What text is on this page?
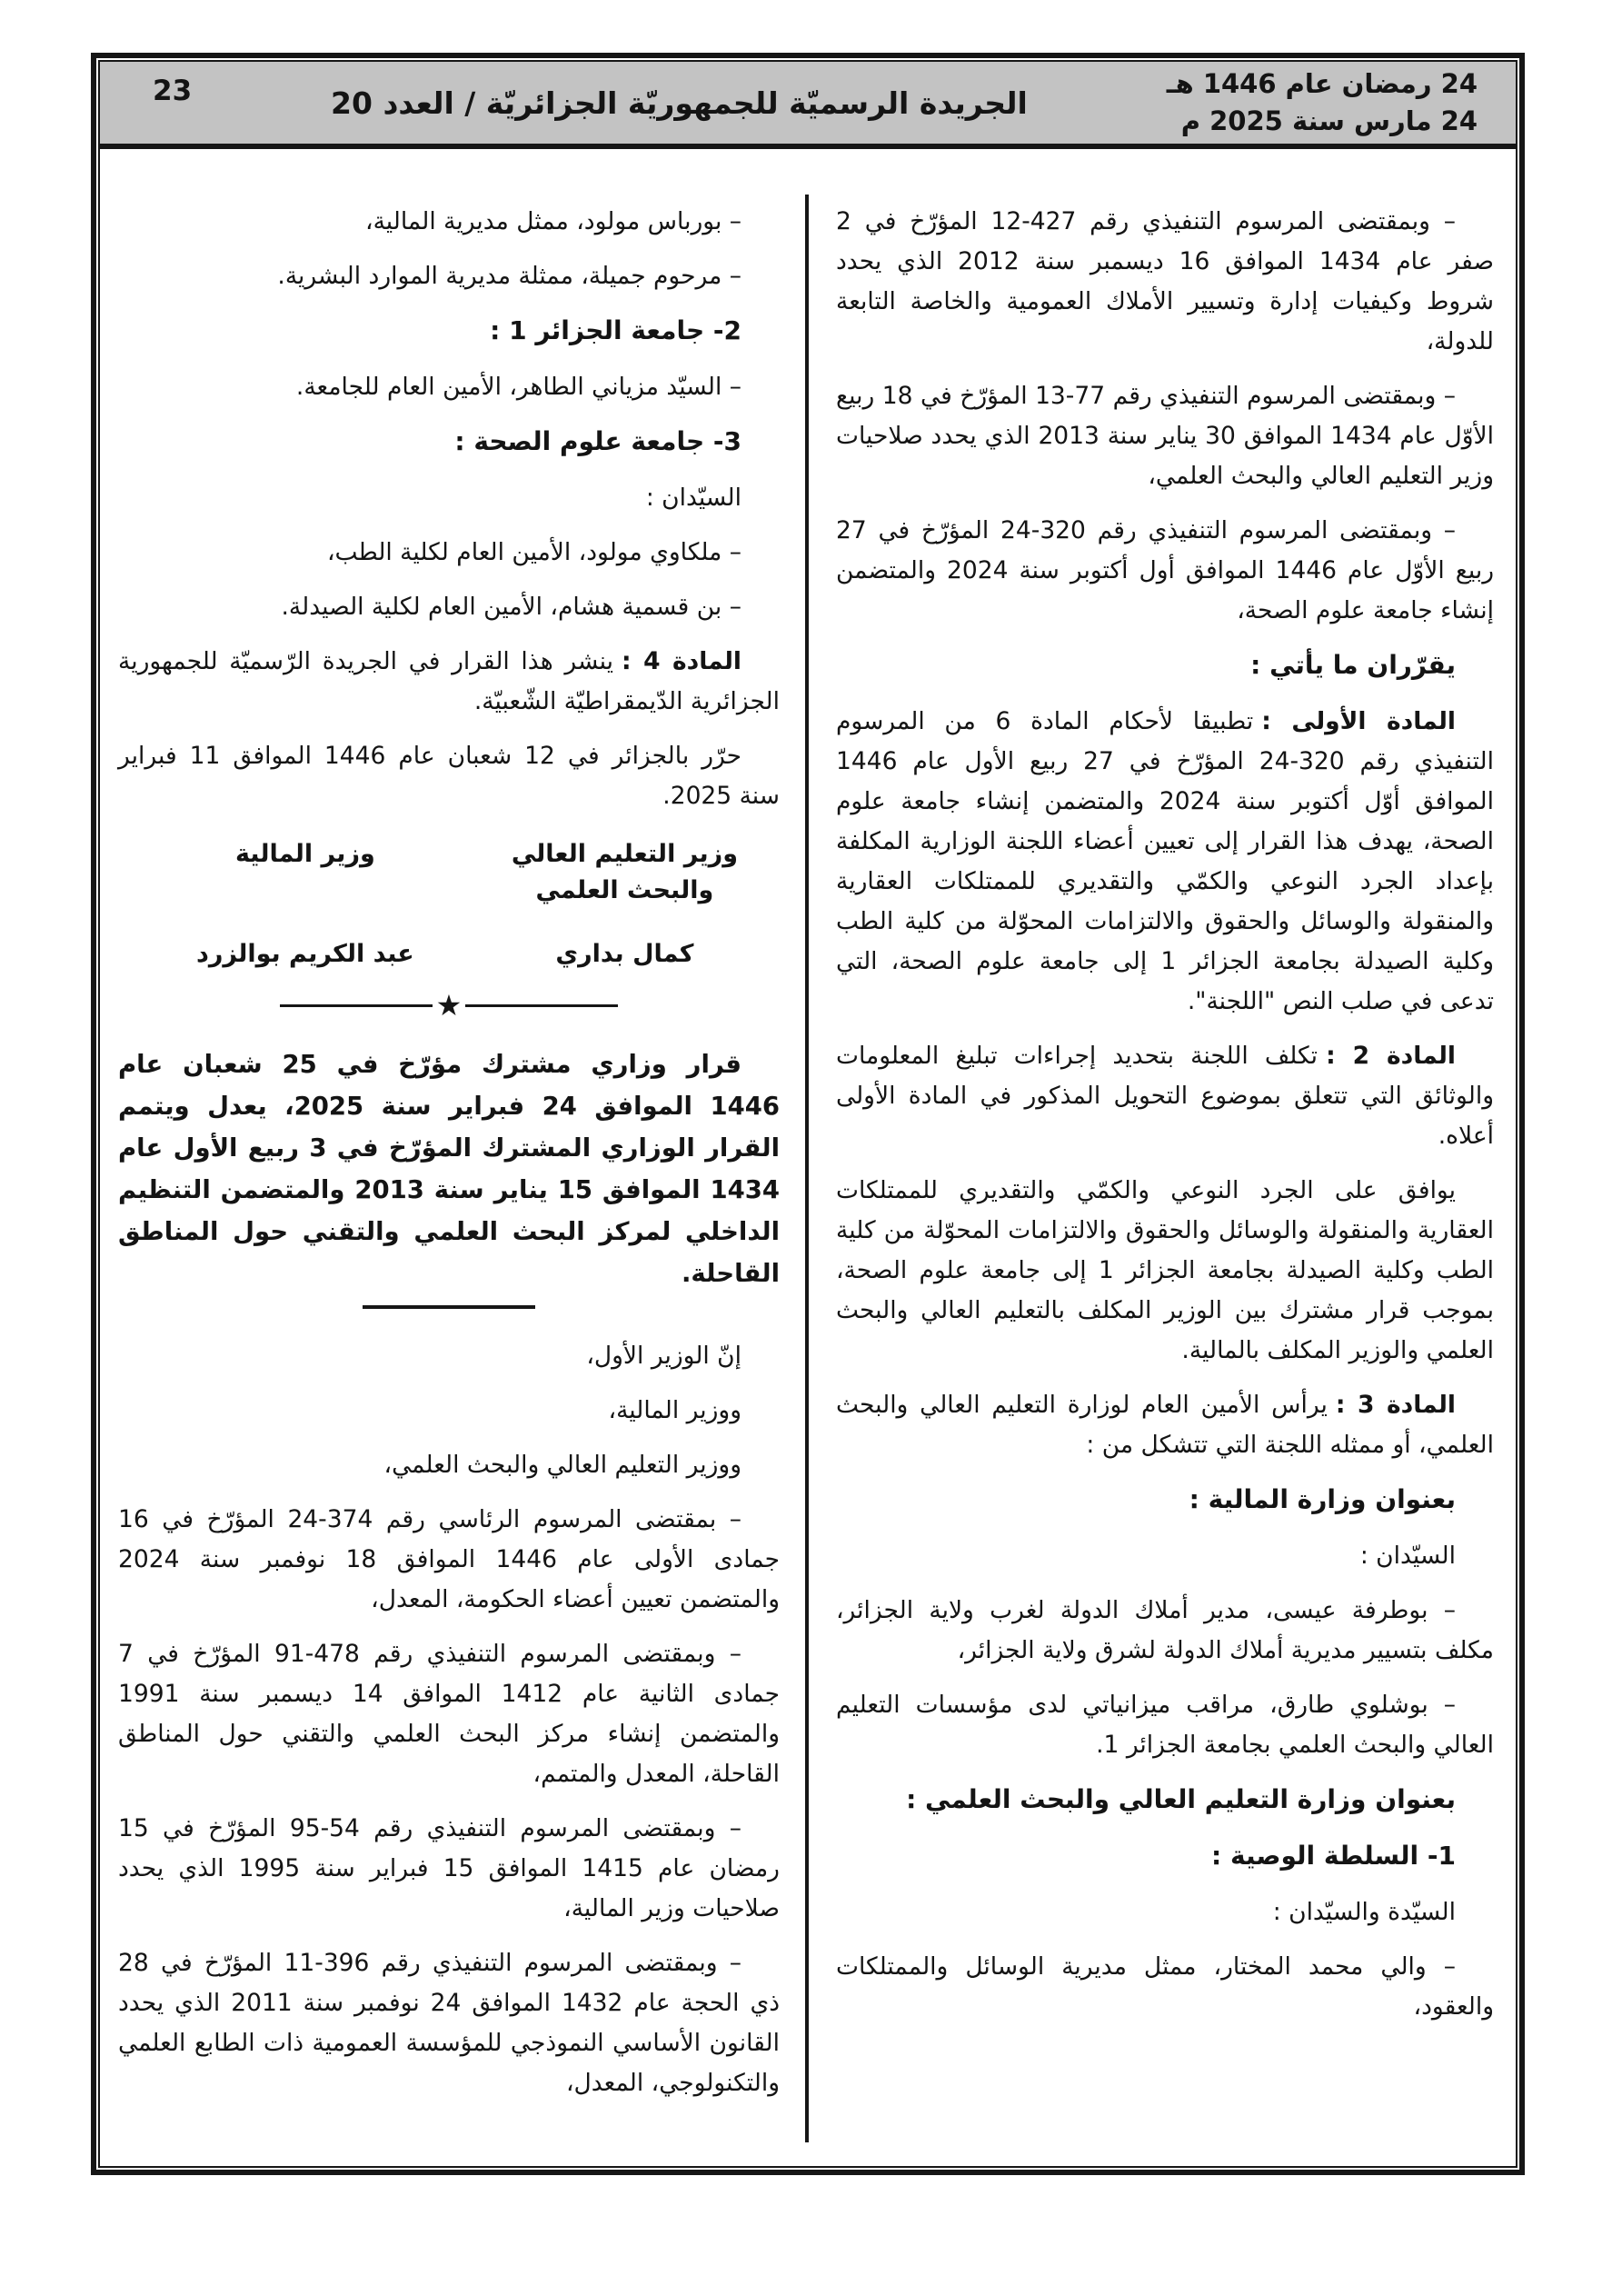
24 رمضان عام 1446 هـ
24 مارس سنة 2025 م
الجريدة الرسميّة للجمهوريّة الجزائريّة / العدد 20
23

– وبمقتضى المرسوم التنفيذي رقم 427-12 المؤرّخ في 2 صفر عام 1434 الموافق 16 ديسمبر سنة 2012 الذي يحدد شروط وكيفيات إدارة وتسيير الأملاك العمومية والخاصة التابعة للدولة،

– وبمقتضى المرسوم التنفيذي رقم 77-13 المؤرّخ في 18 ربيع الأوّل عام 1434 الموافق 30 يناير سنة 2013 الذي يحدد صلاحيات وزير التعليم العالي والبحث العلمي،

– وبمقتضى المرسوم التنفيذي رقم 320-24 المؤرّخ في 27 ربيع الأوّل عام 1446 الموافق أول أكتوبر سنة 2024 والمتضمن إنشاء جامعة علوم الصحة،

يقرّران ما يأتي :

المادة الأولى :تطبيقا لأحكام المادة 6 من المرسوم التنفيذي رقم 320-24 المؤرّخ في 27 ربيع الأول عام 1446 الموافق أوّل أكتوبر سنة 2024 والمتضمن إنشاء جامعة علوم الصحة، يهدف هذا القرار إلى تعيين أعضاء اللجنة الوزارية المكلفة بإعداد الجرد النوعي والكمّي والتقديري للممتلكات العقارية والمنقولة والوسائل والحقوق والالتزامات المحوّلة من كلية الطب وكلية الصيدلة بجامعة الجزائر 1 إلى جامعة علوم الصحة، التي تدعى في صلب النص "اللجنة".

المادة 2 :تكلف اللجنة بتحديد إجراءات تبليغ المعلومات والوثائق التي تتعلق بموضوع التحويل المذكور في المادة الأولى أعلاه.

يوافق على الجرد النوعي والكمّي والتقديري للممتلكات العقارية والمنقولة والوسائل والحقوق والالتزامات المحوّلة من كلية الطب وكلية الصيدلة بجامعة الجزائر 1 إلى جامعة علوم الصحة، بموجب قرار مشترك بين الوزير المكلف بالتعليم العالي والبحث العلمي والوزير المكلف بالمالية.

المادة 3 :يرأس الأمين العام لوزارة التعليم العالي والبحث العلمي، أو ممثله اللجنة التي تتشكل من :

بعنوان وزارة المالية :

السيّدان :

– بوطرفة عيسى، مدير أملاك الدولة لغرب ولاية الجزائر، مكلف بتسيير مديرية أملاك الدولة لشرق ولاية الجزائر،

– بوشلوي طارق، مراقب ميزانياتي لدى مؤسسات التعليم العالي والبحث العلمي بجامعة الجزائر 1.

بعنوان وزارة التعليم العالي والبحث العلمي :

1- السلطة الوصية :

السيّدة والسيّدان :

– والي محمد المختار، ممثل مديرية الوسائل والممتلكات والعقود،

– بورباس مولود، ممثل مديرية المالية،

– مرحوم جميلة، ممثلة مديرية الموارد البشرية.

2- جامعة الجزائر 1 :

– السيّد مزياني الطاهر، الأمين العام للجامعة.

3- جامعة علوم الصحة :

السيّدان :

– ملكاوي مولود، الأمين العام لكلية الطب،

– بن قسمية هشام، الأمين العام لكلية الصيدلة.

المادة 4 :ينشر هذا القرار في الجريدة الرّسميّة للجمهورية الجزائرية الدّيمقراطيّة الشّعبيّة.

حرّر بالجزائر في 12 شعبان عام 1446 الموافق 11 فبراير سنة 2025.

وزير التعليم العالي
والبحث العلمي
كمال بداري
وزير المالية
عبد الكريم بوالزرد
★

قرار وزاري مشترك مؤرّخ في 25 شعبان عام 1446 الموافق 24 فبراير سنة 2025، يعدل ويتمم القرار الوزاري المشترك المؤرّخ في 3 ربيع الأول عام 1434 الموافق 15 يناير سنة 2013 والمتضمن التنظيم الداخلي لمركز البحث العلمي والتقني حول المناطق القاحلة.

إنّ الوزير الأول،

ووزير المالية،

ووزير التعليم العالي والبحث العلمي،

– بمقتضى المرسوم الرئاسي رقم 374-24 المؤرّخ في 16 جمادى الأولى عام 1446 الموافق 18 نوفمبر سنة 2024 والمتضمن تعيين أعضاء الحكومة، المعدل،

– وبمقتضى المرسوم التنفيذي رقم 478-91 المؤرّخ في 7 جمادى الثانية عام 1412 الموافق 14 ديسمبر سنة 1991 والمتضمن إنشاء مركز البحث العلمي والتقني حول المناطق القاحلة، المعدل والمتمم،

– وبمقتضى المرسوم التنفيذي رقم 54-95 المؤرّخ في 15 رمضان عام 1415 الموافق 15 فبراير سنة 1995 الذي يحدد صلاحيات وزير المالية،

– وبمقتضى المرسوم التنفيذي رقم 396-11 المؤرّخ في 28 ذي الحجة عام 1432 الموافق 24 نوفمبر سنة 2011 الذي يحدد القانون الأساسي النموذجي للمؤسسة العمومية ذات الطابع العلمي والتكنولوجي، المعدل،
